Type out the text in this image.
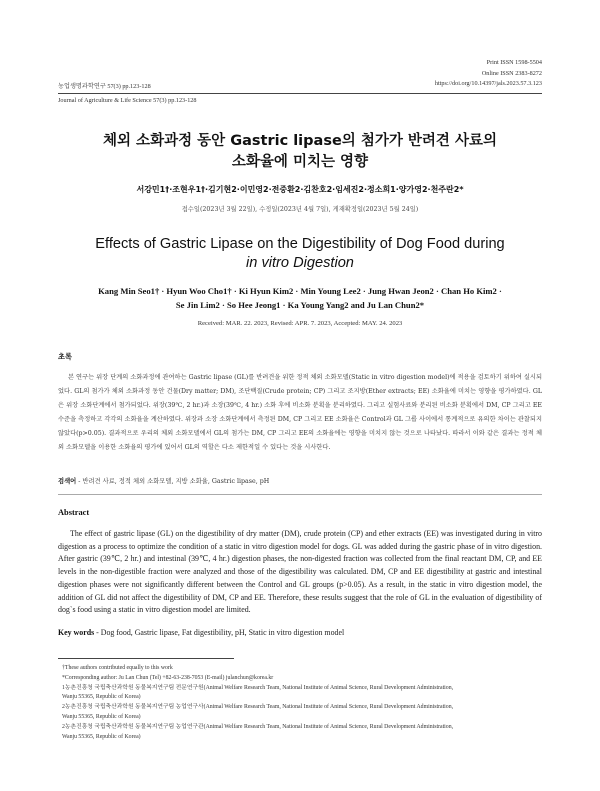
Print ISSN 1598-5504
Online ISSN 2383-8272
https://doi.org/10.14397/jals.2023.57.3.123
농업생명과학연구 57(3) pp.123-128
Journal of Agriculture & Life Science 57(3) pp.123-128
체외 소화과정 동안 Gastric lipase의 첨가가 반려견 사료의
소화율에 미치는 영향
서강민1†·조현우1†·김기현2·이민영2·전중환2·김찬호2·임세진2·정소희1·양가영2·천주란2*
접수일(2023년 3월 22일), 수정일(2023년 4월 7일), 게재확정일(2023년 5월 24일)
Effects of Gastric Lipase on the Digestibility of Dog Food during
in vitro Digestion
Kang Min Seo1† · Hyun Woo Cho1† · Ki Hyun Kim2 · Min Young Lee2 · Jung Hwan Jeon2 · Chan Ho Kim2 ·
Se Jin Lim2 · So Hee Jeong1 · Ka Young Yang2 and Ju Lan Chun2*
Received: MAR. 22. 2023, Revised: APR. 7. 2023, Accepted: MAY. 24. 2023
초록
본 연구는 위장 단계의 소화과정에 관여하는 Gastric lipase (GL)를 반려견을 위한 정적 체외 소화모델(Static in vitro digestion model)에 적용을 검토하기 위하여 실시되었다. GL의 첨가가 체외 소화과정 동안 건물(Dry matter; DM), 조단백질(Crude protein; CP) 그리고 조지방(Ether extracts; EE) 소화율에 미치는 영향을 평가하였다. GL은 위장 소화단계에서 첨가되었다. 위장(39℃, 2 hr.)과 소장(39℃, 4 hr.) 소화 후에 비소화 분획을 분리하였다. 그리고 실험사료와 분리된 비소화 분획에서 DM, CP 그리고 EE 수준을 측정하고 각각의 소화율을 계산하였다. 위장과 소장 소화단계에서 측정된 DM, CP 그리고 EE 소화율은 Control과 GL 그룹 사이에서 통계적으로 유의한 차이는 관찰되지 않았다(p>0.05). 결과적으로 우리의 체외 소화모델에서 GL의 첨가는 DM, CP 그리고 EE의 소화율에는 영향을 미치지 않는 것으로 나타났다. 따라서 이와 같은 결과는 정적 체외 소화모델을 이용한 소화율의 평가에 있어서 GL의 역할은 다소 제한적일 수 있다는 것을 시사한다.
검색어 - 반려견 사료, 정적 체외 소화모델, 지방 소화율, Gastric lipase, pH
Abstract
The effect of gastric lipase (GL) on the digestibility of dry matter (DM), crude protein (CP) and ether extracts (EE) was investigated during in vitro digestion as a process to optimize the condition of a static in vitro digestion model for dogs. GL was added during the gastric phase of in vitro digestion. After gastric (39℃, 2 hr.) and intestinal (39℃, 4 hr.) digestion phases, the non-digested fraction was collected from the final reactant DM, CP, and EE levels in the non-digestible fraction were analyzed and those of the digestibility was calculated. DM, CP and EE digestibility at gastric and intestinal digestion phases were not significantly different between the Control and GL groups (p>0.05). As a result, in the static in vitro digestion model, the addition of GL did not affect the digestibility of DM, CP and EE. Therefore, these results suggest that the role of GL in the evaluation of digestibility of dog`s food using a static in vitro digestion model are limited.
Key words - Dog food, Gastric lipase, Fat digestibility, pH, Static in vitro digestion model
†These authors contributed equally to this work
*Corresponding author: Ju Lan Chun (Tel) +82-63-238-7053 (E-mail) julanchun@korea.kr
1농촌진흥청 국립축산과학원 동물복지연구팀 전문연구원(Animal Welfare Research Team, National Institute of Animal Science, Rural Development Administration,
Wanju 55365, Republic of Korea)
2농촌진흥청 국립축산과학원 동물복지연구팀 농업연구사(Animal Welfare Research Team, National Institute of Animal Science, Rural Development Administration,
Wanju 55365, Republic of Korea)
2농촌진흥청 국립축산과학원 동물복지연구팀 농업연구관(Animal Welfare Research Team, National Institute of Animal Science, Rural Development Administration,
Wanju 55365, Republic of Korea)
